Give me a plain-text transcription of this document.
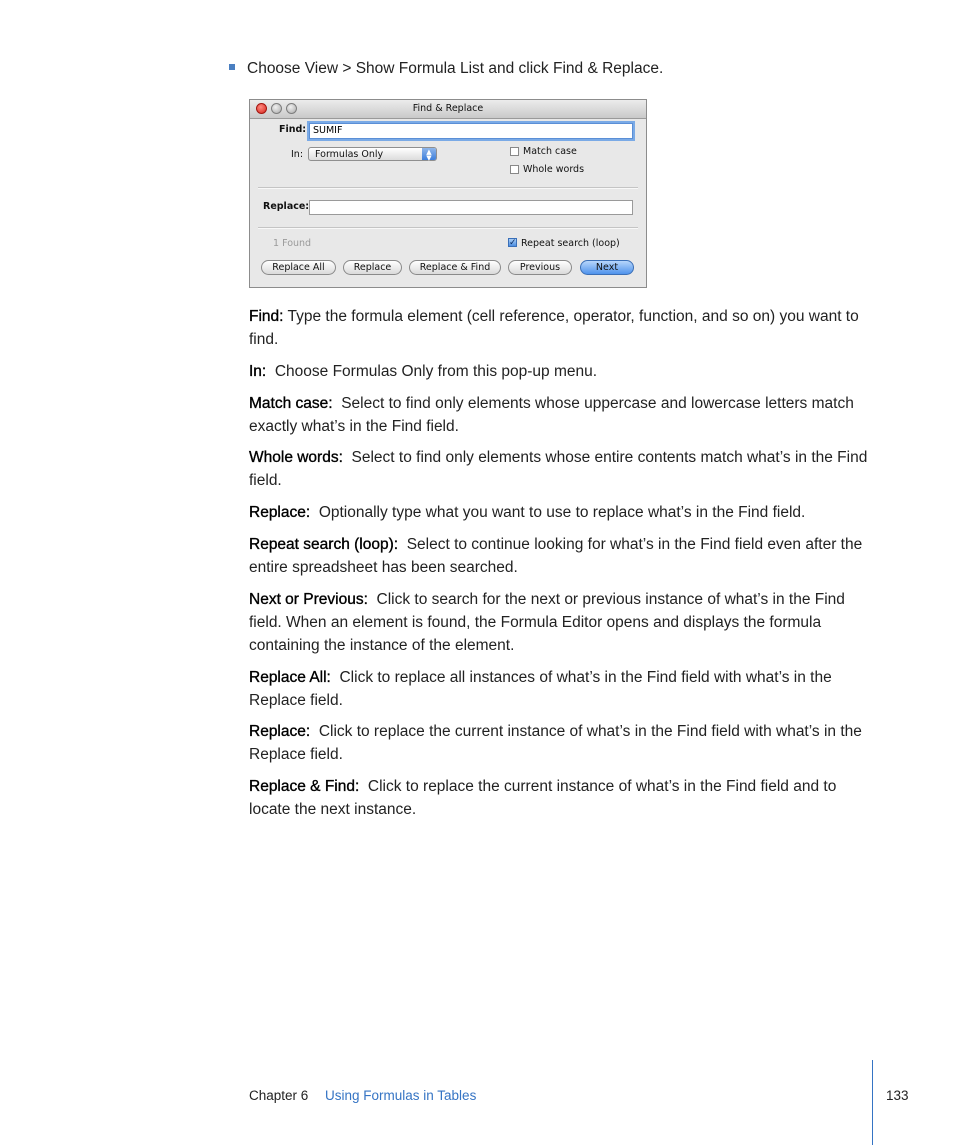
Choose View > Show Formula List and click Find & Replace.
Find & Replace
Find: SUMIF
In:	Formulas Only	▲
▼
Match case
Whole words
Replace:
1 Found	✓ Repeat search (loop)
Replace All	Replace	Replace & Find	Previous	Next
Find: Type the formula element (cell reference, operator, function, and so on) you want to find.
In: Choose Formulas Only from this pop-up menu.
Match case: Select to find only elements whose uppercase and lowercase letters match exactly what’s in the Find field.
Whole words: Select to find only elements whose entire contents match what’s in the Find field.
Replace: Optionally type what you want to use to replace what’s in the Find field.
Repeat search (loop): Select to continue looking for what’s in the Find field even after the entire spreadsheet has been searched.
Next or Previous: Click to search for the next or previous instance of what’s in the Find field. When an element is found, the Formula Editor opens and displays the formula containing the instance of the element.
Replace All: Click to replace all instances of what’s in the Find field with what’s in the Replace field.
Replace: Click to replace the current instance of what’s in the Find field with what’s in the Replace field.
Replace & Find: Click to replace the current instance of what’s in the Find field and to locate the next instance.
Chapter 6 Using Formulas in Tables	133
